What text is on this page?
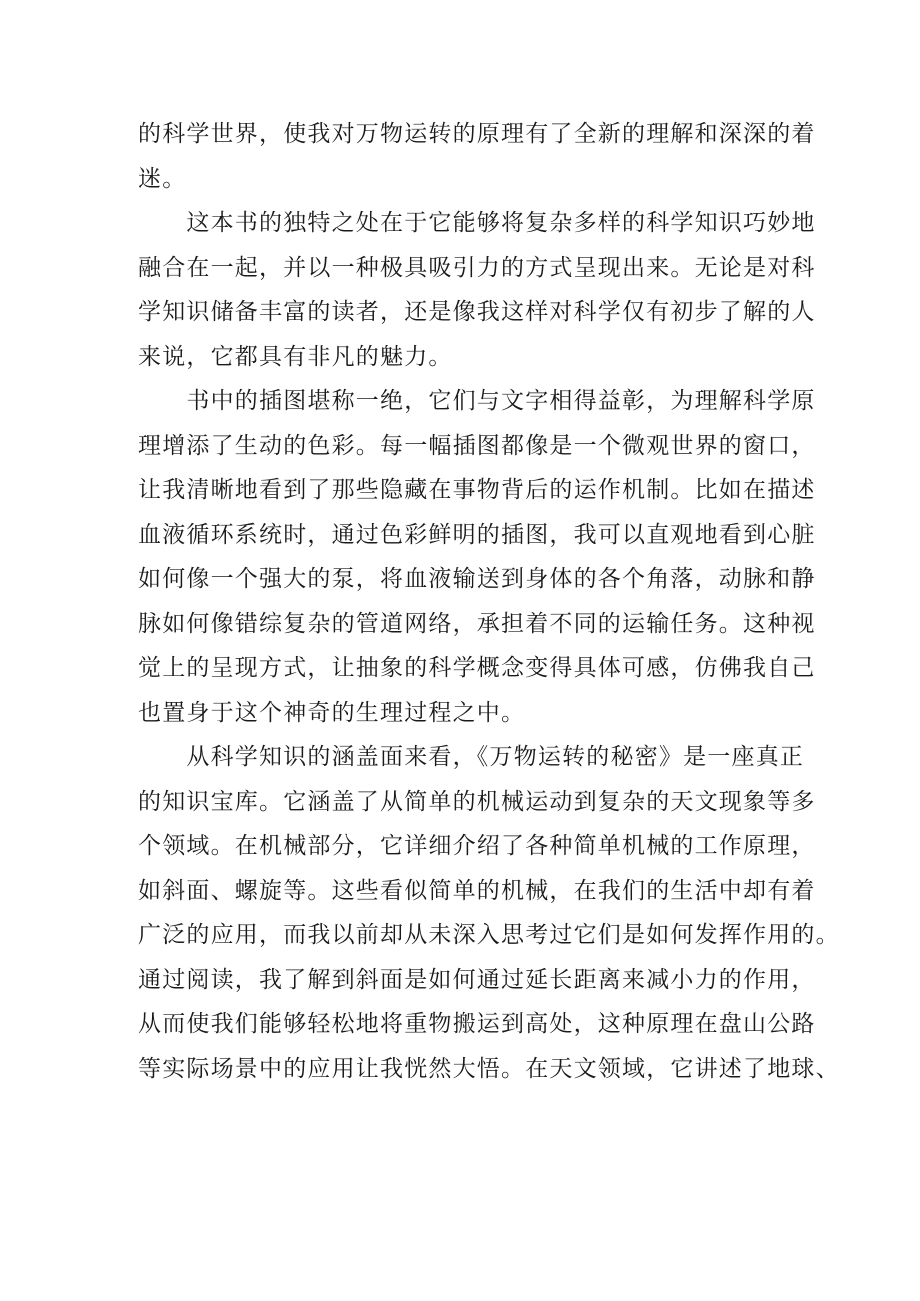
的科学世界，使我对万物运转的原理有了全新的理解和深深的着
迷。
　　这本书的独特之处在于它能够将复杂多样的科学知识巧妙地
融合在一起，并以一种极具吸引力的方式呈现出来。无论是对科
学知识储备丰富的读者，还是像我这样对科学仅有初步了解的人
来说，它都具有非凡的魅力。
　　书中的插图堪称一绝，它们与文字相得益彰，为理解科学原
理增添了生动的色彩。每一幅插图都像是一个微观世界的窗口，
让我清晰地看到了那些隐藏在事物背后的运作机制。比如在描述
血液循环系统时，通过色彩鲜明的插图，我可以直观地看到心脏
如何像一个强大的泵，将血液输送到身体的各个角落，动脉和静
脉如何像错综复杂的管道网络，承担着不同的运输任务。这种视
觉上的呈现方式，让抽象的科学概念变得具体可感，仿佛我自己
也置身于这个神奇的生理过程之中。
　　从科学知识的涵盖面来看，《万物运转的秘密》是一座真正
的知识宝库。它涵盖了从简单的机械运动到复杂的天文现象等多
个领域。在机械部分，它详细介绍了各种简单机械的工作原理，
如斜面、螺旋等。这些看似简单的机械，在我们的生活中却有着
广泛的应用，而我以前却从未深入思考过它们是如何发挥作用的。
通过阅读，我了解到斜面是如何通过延长距离来减小力的作用，
从而使我们能够轻松地将重物搬运到高处，这种原理在盘山公路
等实际场景中的应用让我恍然大悟。在天文领域，它讲述了地球、
